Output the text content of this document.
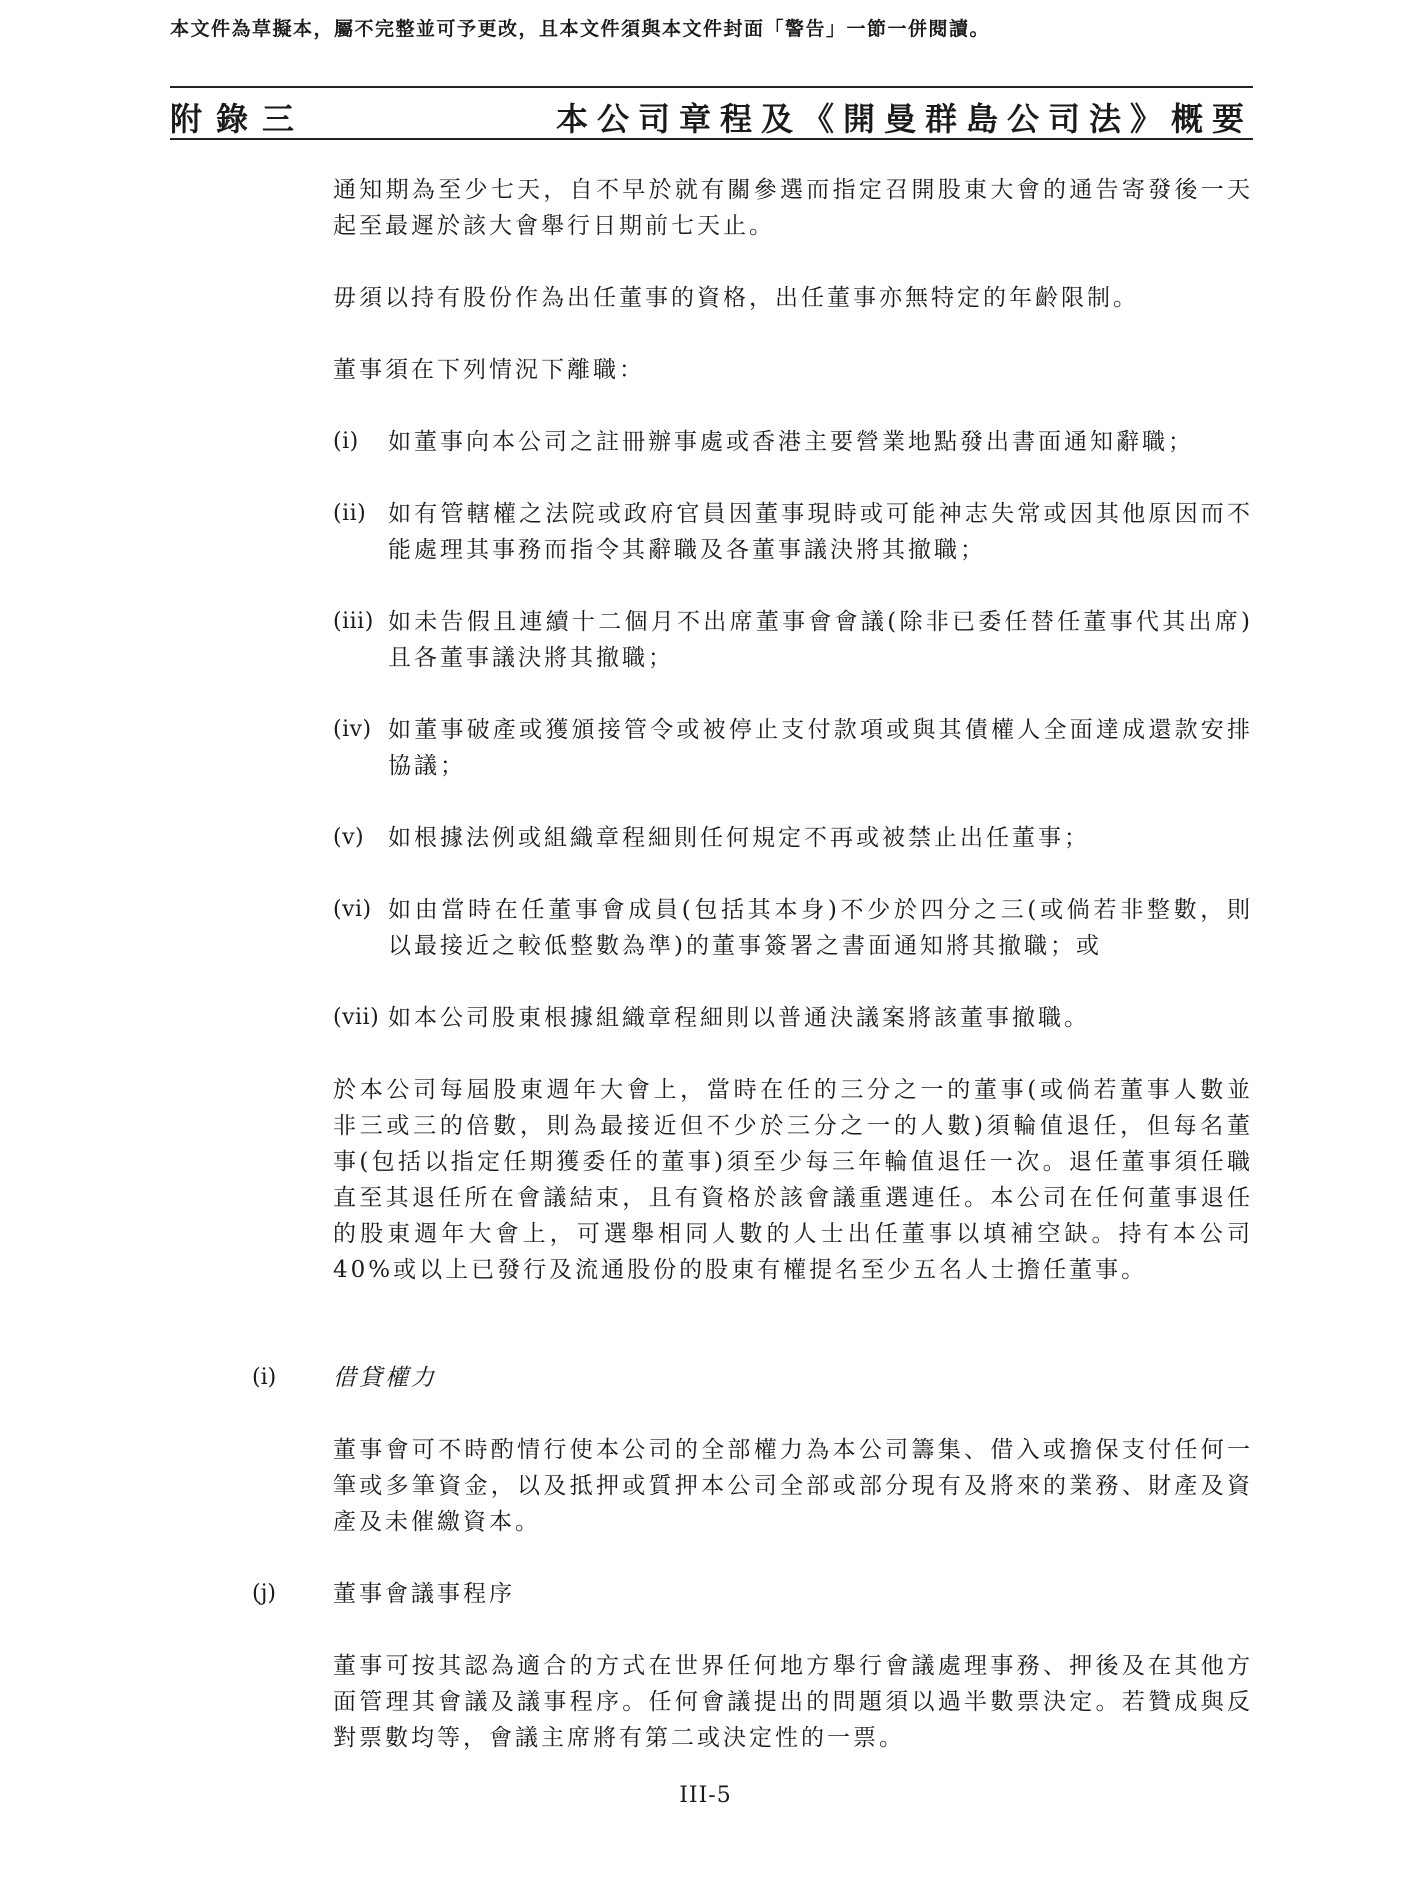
本文件為草擬本，屬不完整並可予更改，且本文件須與本文件封面「警告」一節一併閱讀。
附錄三	本公司章程及《開曼群島公司法》概要
通知期為至少七天，自不早於就有關參選而指定召開股東大會的通告寄發後一天起至最遲於該大會舉行日期前七天止。
毋須以持有股份作為出任董事的資格，出任董事亦無特定的年齡限制。
董事須在下列情況下離職：
(i) 如董事向本公司之註冊辦事處或香港主要營業地點發出書面通知辭職；
(ii) 如有管轄權之法院或政府官員因董事現時或可能神志失常或因其他原因而不能處理其事務而指令其辭職及各董事議決將其撤職；
(iii) 如未告假且連續十二個月不出席董事會會議(除非已委任替任董事代其出席)且各董事議決將其撤職；
(iv) 如董事破產或獲頒接管令或被停止支付款項或與其債權人全面達成還款安排協議；
(v) 如根據法例或組織章程細則任何規定不再或被禁止出任董事；
(vi) 如由當時在任董事會成員(包括其本身)不少於四分之三(或倘若非整數，則以最接近之較低整數為準)的董事簽署之書面通知將其撤職；或
(vii) 如本公司股東根據組織章程細則以普通決議案將該董事撤職。
於本公司每屆股東週年大會上，當時在任的三分之一的董事(或倘若董事人數並非三或三的倍數，則為最接近但不少於三分之一的人數)須輪值退任，但每名董事(包括以指定任期獲委任的董事)須至少每三年輪值退任一次。退任董事須任職直至其退任所在會議結束，且有資格於該會議重選連任。本公司在任何董事退任的股東週年大會上，可選舉相同人數的人士出任董事以填補空缺。持有本公司40%或以上已發行及流通股份的股東有權提名至少五名人士擔任董事。
(i) 借貸權力
董事會可不時酌情行使本公司的全部權力為本公司籌集、借入或擔保支付任何一筆或多筆資金，以及抵押或質押本公司全部或部分現有及將來的業務、財產及資產及未催繳資本。
(j) 董事會議事程序
董事可按其認為適合的方式在世界任何地方舉行會議處理事務、押後及在其他方面管理其會議及議事程序。任何會議提出的問題須以過半數票決定。若贊成與反對票數均等，會議主席將有第二或決定性的一票。
III-5
